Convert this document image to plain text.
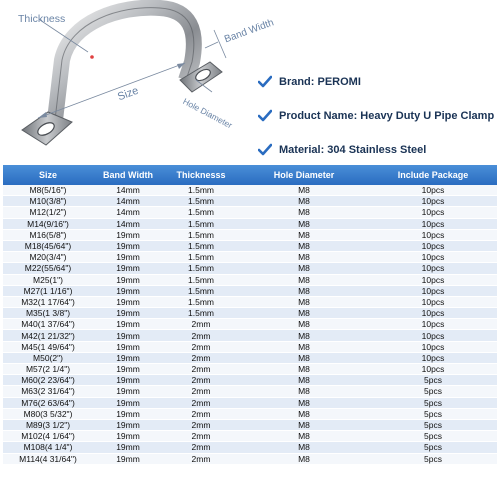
Thickness	Band Width
Size
Hole Diameter
Brand: PEROMI
Product Name: Heavy Duty U Pipe Clamp
Material: 304 Stainless Steel
Size	Band Width	Thicknesss	Hole Diameter	Include Package
M8(5/16")	14mm	1.5mm	M8	10pcs
M10(3/8")	14mm	1.5mm	M8	10pcs
M12(1/2")	14mm	1.5mm	M8	10pcs
M14(9/16")	14mm	1.5mm	M8	10pcs
M16(5/8")	19mm	1.5mm	M8	10pcs
M18(45/64")	19mm	1.5mm	M8	10pcs
M20(3/4")	19mm	1.5mm	M8	10pcs
M22(55/64")	19mm	1.5mm	M8	10pcs
M25(1")	19mm	1.5mm	M8	10pcs
M27(1 1/16")	19mm	1.5mm	M8	10pcs
M32(1 17/64")	19mm	1.5mm	M8	10pcs
M35(1 3/8")	19mm	1.5mm	M8	10pcs
M40(1 37/64")	19mm	2mm	M8	10pcs
M42(1 21/32")	19mm	2mm	M8	10pcs
M45(1 49/64")	19mm	2mm	M8	10pcs
M50(2")	19mm	2mm	M8	10pcs
M57(2 1/4")	19mm	2mm	M8	10pcs
M60(2 23/64")	19mm	2mm	M8	5pcs
M63(2 31/64")	19mm	2mm	M8	5pcs
M76(2 63/64")	19mm	2mm	M8	5pcs
M80(3 5/32")	19mm	2mm	M8	5pcs
M89(3 1/2")	19mm	2mm	M8	5pcs
M102(4 1/64")	19mm	2mm	M8	5pcs
M108(4 1/4")	19mm	2mm	M8	5pcs
M114(4 31/64")	19mm	2mm	M8	5pcs
